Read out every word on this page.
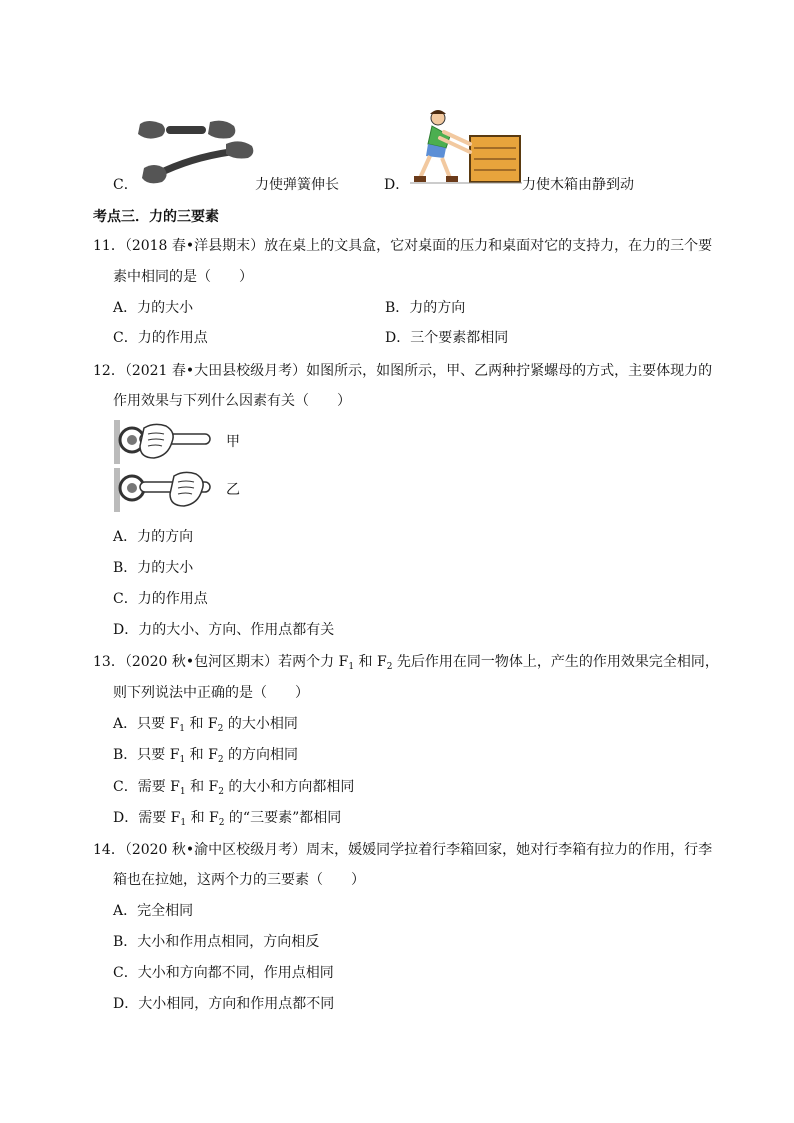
C．	力使弹簧伸长	D．	力使木箱由静到动
考点三．力的三要素
11．（2018 春•洋县期末）放在桌上的文具盒，它对桌面的压力和桌面对它的支持力，在力的三个要
素中相同的是（　　）
A．力的大小	B．力的方向
C．力的作用点	D．三个要素都相同
12．（2021 春•大田县校级月考）如图所示，如图所示，甲、乙两种拧紧螺母的方式，主要体现力的
作用效果与下列什么因素有关（　　）
甲
乙
A．力的方向
B．力的大小
C．力的作用点
D．力的大小、方向、作用点都有关
13．（2020 秋•包河区期末）若两个力 $F_1$ 和 $F_2$ 先后作用在同一物体上，产生的作用效果完全相同，
则下列说法中正确的是（　　）
A．只要 $F_1$ 和 $F_2$ 的大小相同
B．只要 $F_1$ 和 $F_2$ 的方向相同
C．需要 $F_1$ 和 $F_2$ 的大小和方向都相同
D．需要 $F_1$ 和 $F_2$ 的“三要素”都相同
14．（2020 秋•渝中区校级月考）周末，媛媛同学拉着行李箱回家，她对行李箱有拉力的作用，行李
箱也在拉她，这两个力的三要素（　　）
A．完全相同
B．大小和作用点相同，方向相反
C．大小和方向都不同，作用点相同
D．大小相同，方向和作用点都不同
